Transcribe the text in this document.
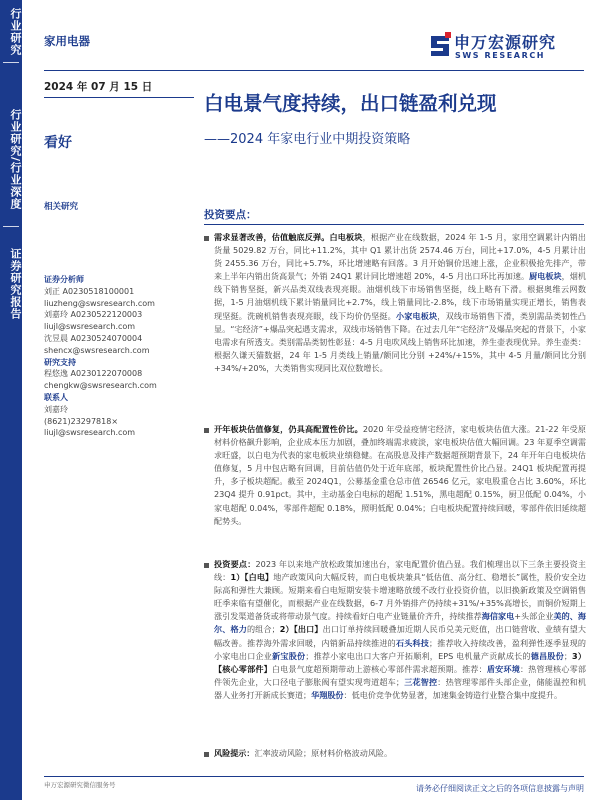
行业研究
行业研究/行业深度
证券研究报告
家用电器
2024 年 07 月 15 日
看好
相关研究
申万宏源研究
SWS RESEARCH
白电景气度持续，出口链盈利兑现
——2024 年家电行业中期投资策略
证券分析师
刘正 A0230518100001
liuzheng@swsresearch.com
刘嘉玲 A0230522120003
liujl@swsresearch.com
沈昱晨 A0230524070004
shencx@swsresearch.com
研究支持
程悠逸 A0230122070008
chengkw@swsresearch.com
联系人
刘嘉玲
(8621)23297818×
liujl@swsresearch.com
投资要点：
需求显著改善，估值触底反弹。白电板块，根据产业在线数据，2024 年 1-5 月，家用空调累计内销出货量 5029.82 万台，同比+11.2%，其中 Q1 累计出货 2574.46 万台，同比+17.0%，4-5 月累计出货 2455.36 万台，同比+5.7%，环比增速略有回落。3 月开始铜价迅速上涨，企业积极抢先排产，带来上半年内销出货高景气；外销 24Q1 累计同比增速超 20%，4-5 月出口环比再加速。厨电板块，烟机线下销售坚挺，新兴品类双线表现亮眼。油烟机线下市场销售坚挺，线上略有下滑。根据奥维云网数据，1-5 月油烟机线下累计销量同比+2.7%，线上销量同比-2.8%，线下市场销量实现正增长，销售表现坚挺。洗碗机销售表现亮眼，线下均价仍坚挺。小家电板块，双线市场销售下滑，类别需品类韧性凸显。“宅经济”+爆品突起遇支需求，双线市场销售下降。在过去几年“宅经济”及爆品突起的背景下，小家电需求有所透支。类别需品类韧性彰显：4-5 月电吹风线上销售环比加速，养生壶表现优异。养生壶类：根据久谦天猫数据，24 年 1-5 月类线上销量/额同比分别 +24%/+15%，其中 4-5 月量/额同比分别+34%/+20%，大类销售实现同比双位数增长。
开年板块估值修复，仍具高配置性价比。2020 年受益疫情宅经济，家电板块估值大涨。21-22 年受原材料价格飙升影响，企业成本压力加剧，叠加终端需求疲淡，家电板块估值大幅回调。23 年夏季空调需求旺盛，以白电为代表的家电板块业绩稳健。在高股息及排产数据超预期背景下，24 年开年白电板块估值修复，5 月中包店略有回调，目前估值仍处于近年底部，板块配置性价比凸显。24Q1 板块配置再提升，多子板块超配。截至 2024Q1，公募基金重仓总市值 26546 亿元，家电股重仓占比 3.60%，环比 23Q4 提升 0.91pct。其中，主动基金白电标的超配 1.51%，黑电超配 0.15%，厨卫低配 0.04%，小家电超配 0.04%，零部件超配 0.18%，照明低配 0.04%；白电板块配置持续回暖，零部件依旧延续超配势头。
投资要点：2023 年以来地产放松政策加速出台，家电配置价值凸显。我们梳理出以下三条主要投资主线：1）【白电】地产政策风向大幅反转，而白电板块兼具“低估值、高分红、稳增长”属性，股价安全边际高和弹性大兼顾。短期来看白电短期安装卡增速略放缓不改行业投资价值，以旧换新政策及空调销售旺季来临有望催化，而根据产业在线数据，6-7 月外销排产仍持续+31%/+35%高增长，而铜价短期上涨引发渠道备货或将带动景气度。持续看好白电产业链量价齐升，持续推荐海信家电+头部企业美的、海尔、格力的组合；2）【出口】出口订单持续回暖叠加近期人民币兑美元贬值，出口链营收、业绩有望大幅改善。推荐海外需求回暖，内销新品持续推进的石头科技；推荐收入持续改善，盈利弹性逐季显现的小家电出口企业新宝股份；推荐小家电出口大客户开拓顺利，EPS 电机量产贡献成长的德昌股份；3）【核心零部件】白电景气度超预期带动上游核心零部件需求超预期。推荐：盾安环境：热管理核心零部件领先企业，大口径电子膨胀阀有望实现弯道超车；三花智控：热管理零部件头部企业，储能温控和机器人业务打开新成长赛道；华翔股份：低电价竞争优势显著，加速集金铸造行业整合集中度提升。
风险提示：汇率波动风险；原材料价格波动风险。
申万宏源研究微信服务号	请务必仔细阅读正文之后的各项信息披露与声明
